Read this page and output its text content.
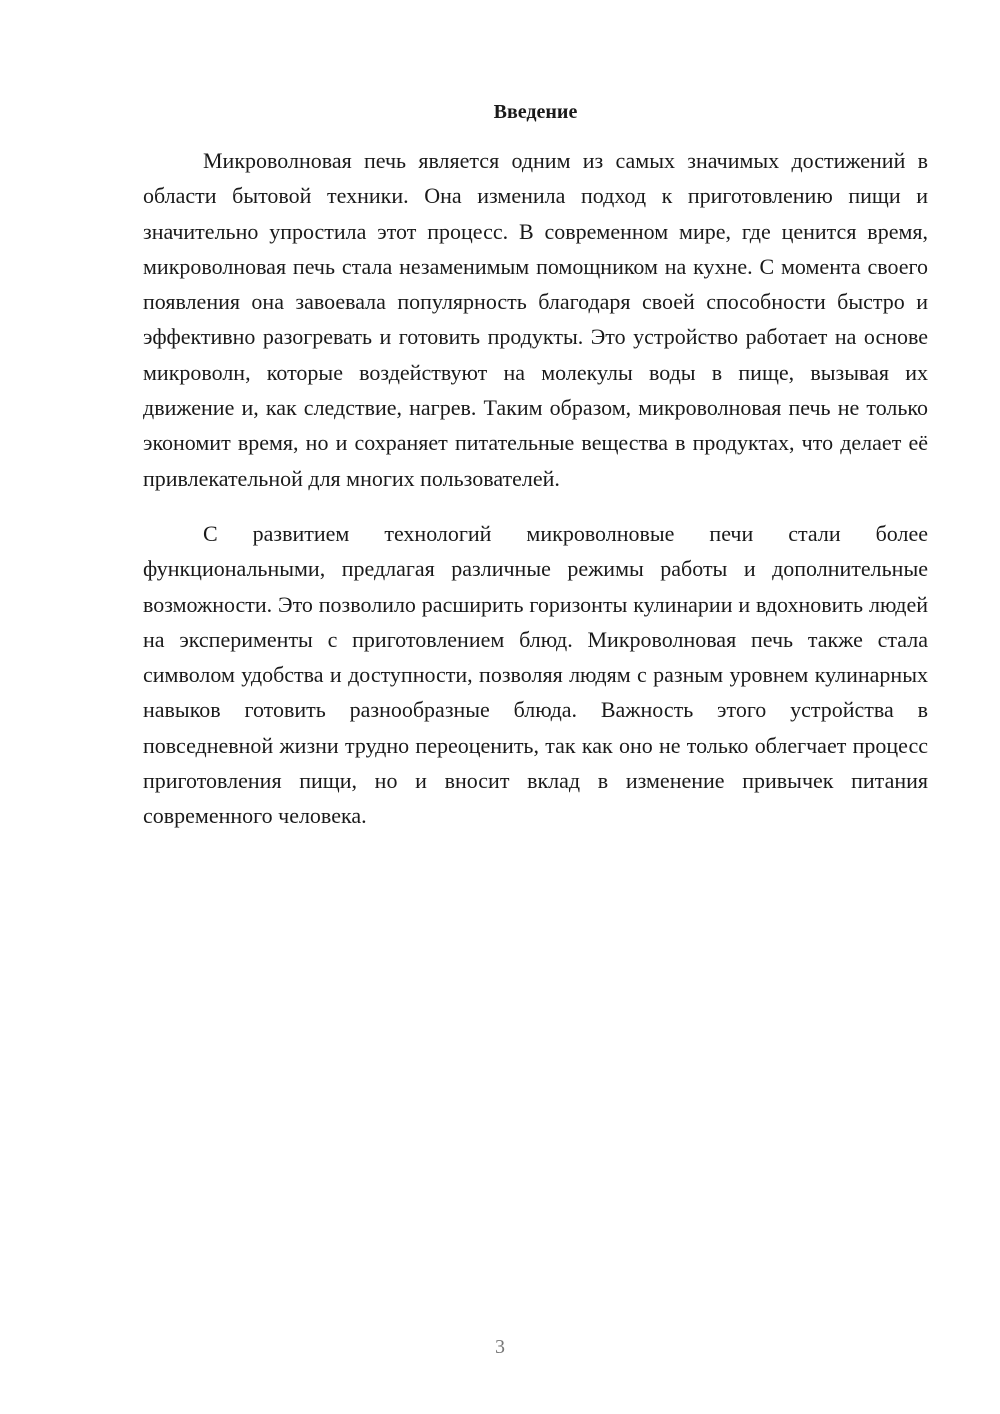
Введение

Микроволновая печь является одним из самых значимых достижений в области бытовой техники. Она изменила подход к приготовлению пищи и значительно упростила этот процесс. В современном мире, где ценится время, микроволновая печь стала незаменимым помощником на кухне. С момента своего появления она завоевала популярность благодаря своей способности быстро и эффективно разогревать и готовить продукты. Это устройство работает на основе микроволн, которые воздействуют на молекулы воды в пище, вызывая их движение и, как следствие, нагрев. Таким образом, микроволновая печь не только экономит время, но и сохраняет питательные вещества в продуктах, что делает её привлекательной для многих пользователей.

С развитием технологий микроволновые печи стали более функциональными, предлагая различные режимы работы и дополнительные возможности. Это позволило расширить горизонты кулинарии и вдохновить людей на эксперименты с приготовлением блюд. Микроволновая печь также стала символом удобства и доступности, позволяя людям с разным уровнем кулинарных навыков готовить разнообразные блюда. Важность этого устройства в повседневной жизни трудно переоценить, так как оно не только облегчает процесс приготовления пищи, но и вносит вклад в изменение привычек питания современного человека.

3
